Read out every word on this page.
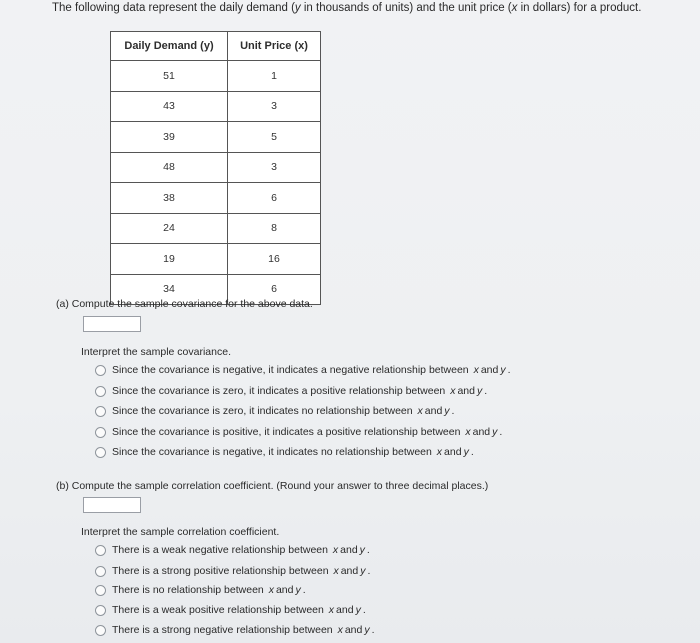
The following data represent the daily demand (y in thousands of units) and the unit price (x in dollars) for a product.
Daily Demand (y)	Unit Price (x)
51	1
43	3
39	5
48	3
38	6
24	8
19	16
34	6
(a) Compute the sample covariance for the above data.
Interpret the sample covariance.
Since the covariance is negative, it indicates a negative relationship between
x and y .
Since the covariance is zero, it indicates a positive relationship between
x and y .
Since the covariance is zero, it indicates no relationship between
x and y .
Since the covariance is positive, it indicates a positive relationship between
x and y .
Since the covariance is negative, it indicates no relationship between
x and y .
(b) Compute the sample correlation coefficient. (Round your answer to three decimal places.)
Interpret the sample correlation coefficient.
There is a weak negative relationship between
x and y .
There is a strong positive relationship between
x and y .
There is no relationship between
x and y .
There is a weak positive relationship between
x and y .
There is a strong negative relationship between
x and y .
